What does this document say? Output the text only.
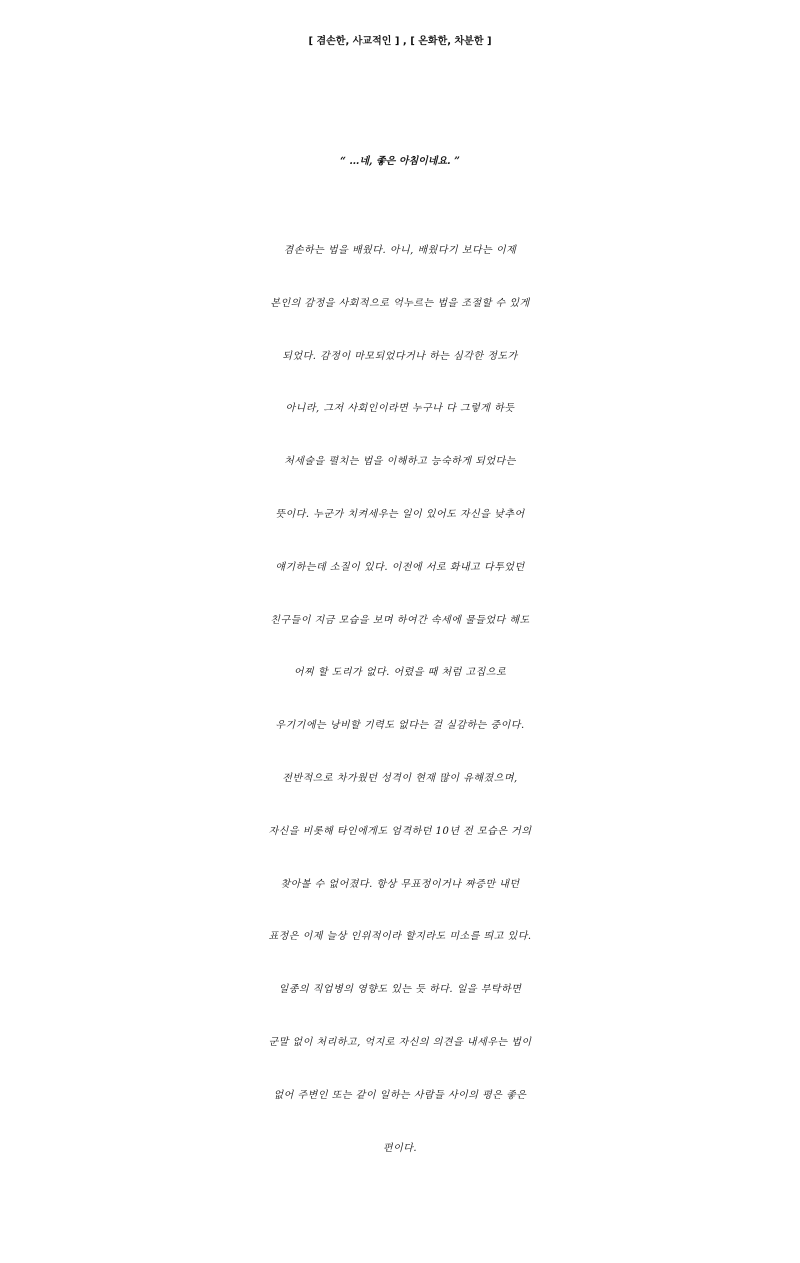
[ 겸손한, 사교적인 ] , [ 온화한, 차분한 ]
“ …네, 좋은 아침이네요. ”
겸손하는 법을 배웠다. 아니, 배웠다기 보다는 이제
본인의 감정을 사회적으로 억누르는 법을 조절할 수 있게
되었다. 감정이 마모되었다거나 하는 심각한 정도가
아니라, 그저 사회인이라면 누구나 다 그렇게 하듯
처세술을 펼치는 법을 이해하고 능숙하게 되었다는
뜻이다. 누군가 치켜세우는 일이 있어도 자신을 낮추어
얘기하는데 소질이 있다. 이전에 서로 화내고 다투었던
친구들이 지금 모습을 보며 하여간 속세에 물들었다 해도
어찌 할 도리가 없다. 어렸을 때 처럼 고집으로
우기기에는 낭비할 기력도 없다는 걸 실감하는 중이다.
전반적으로 차가웠던 성격이 현재 많이 유해졌으며,
자신을 비롯해 타인에게도 엄격하던 10년 전 모습은 거의
찾아볼 수 없어졌다. 항상 무표정이거나 짜증만 내던
표정은 이제 늘상 인위적이라 할지라도 미소를 띄고 있다.
일종의 직업병의 영향도 있는 듯 하다. 일을 부탁하면
군말 없이 처리하고, 억지로 자신의 의견을 내세우는 법이
없어 주변인 또는 같이 일하는 사람들 사이의 평은 좋은
편이다.
